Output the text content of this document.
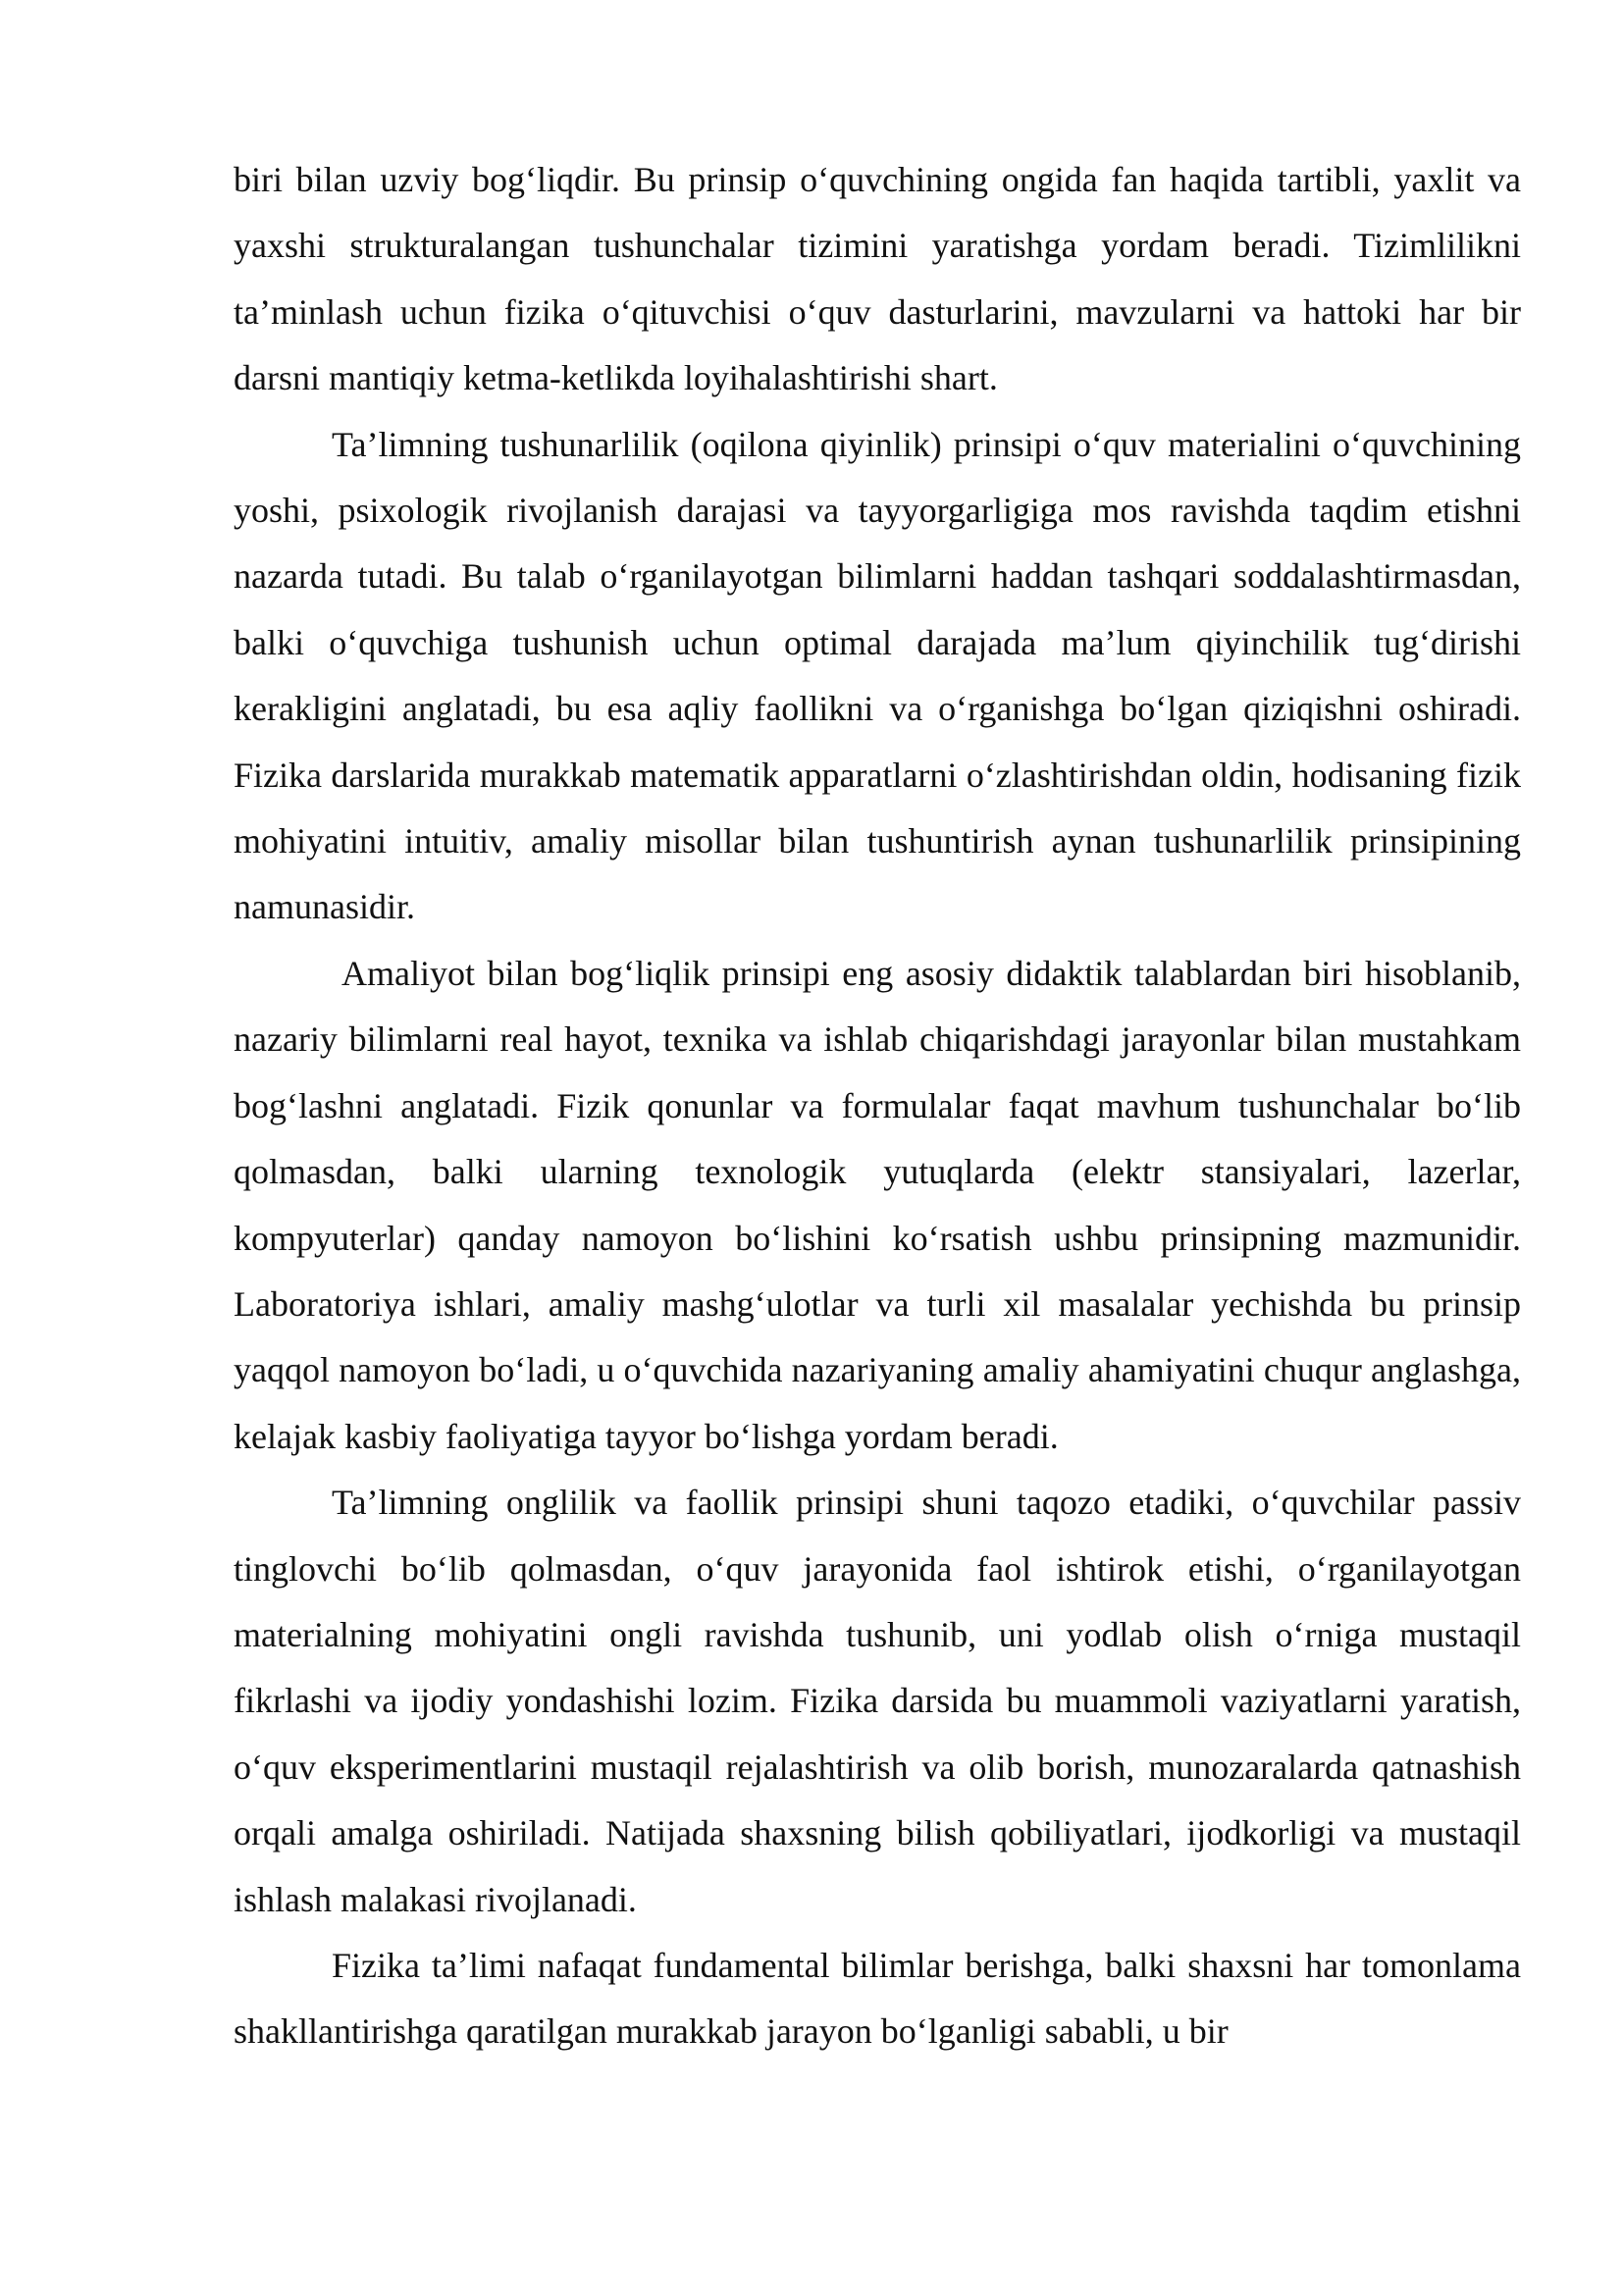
biri bilan uzviy bog‘liqdir. Bu prinsip o‘quvchining ongida fan haqida tartibli, yaxlit va yaxshi strukturalangan tushunchalar tizimini yaratishga yordam beradi. Tizimlilikni ta’minlash uchun fizika o‘qituvchisi o‘quv dasturlarini, mavzularni va hattoki har bir darsni mantiqiy ketma-ketlikda loyihalashtirishi shart.

Ta’limning tushunarlilik (oqilona qiyinlik) prinsipi o‘quv materialini o‘quvchining yoshi, psixologik rivojlanish darajasi va tayyorgarligiga mos ravishda taqdim etishni nazarda tutadi. Bu talab o‘rganilayotgan bilimlarni haddan tashqari soddalashtirmasdan, balki o‘quvchiga tushunish uchun optimal darajada ma’lum qiyinchilik tug‘dirishi kerakligini anglatadi, bu esa aqliy faollikni va o‘rganishga bo‘lgan qiziqishni oshiradi. Fizika darslarida murakkab matematik apparatlarni o‘zlashtirishdan oldin, hodisaning fizik mohiyatini intuitiv, amaliy misollar bilan tushuntirish aynan tushunarlilik prinsipining namunasidir.

Amaliyot bilan bog‘liqlik prinsipi eng asosiy didaktik talablardan biri hisoblanib, nazariy bilimlarni real hayot, texnika va ishlab chiqarishdagi jarayonlar bilan mustahkam bog‘lashni anglatadi. Fizik qonunlar va formulalar faqat mavhum tushunchalar bo‘lib qolmasdan, balki ularning texnologik yutuqlarda (elektr stansiyalari, lazerlar, kompyuterlar) qanday namoyon bo‘lishini ko‘rsatish ushbu prinsipning mazmunidir. Laboratoriya ishlari, amaliy mashg‘ulotlar va turli xil masalalar yechishda bu prinsip yaqqol namoyon bo‘ladi, u o‘quvchida nazariyaning amaliy ahamiyatini chuqur anglashga, kelajak kasbiy faoliyatiga tayyor bo‘lishga yordam beradi.

Ta’limning onglilik va faollik prinsipi shuni taqozo etadiki, o‘quvchilar passiv tinglovchi bo‘lib qolmasdan, o‘quv jarayonida faol ishtirok etishi, o‘rganilayotgan materialning mohiyatini ongli ravishda tushunib, uni yodlab olish o‘rniga mustaqil fikrlashi va ijodiy yondashishi lozim. Fizika darsida bu muammoli vaziyatlarni yaratish, o‘quv eksperimentlarini mustaqil rejalashtirish va olib borish, munozaralarda qatnashish orqali amalga oshiriladi. Natijada shaxsning bilish qobiliyatlari, ijodkorligi va mustaqil ishlash malakasi rivojlanadi.

Fizika ta’limi nafaqat fundamental bilimlar berishga, balki shaxsni har tomonlama shakllantirishga qaratilgan murakkab jarayon bo‘lganligi sababli, u bir
